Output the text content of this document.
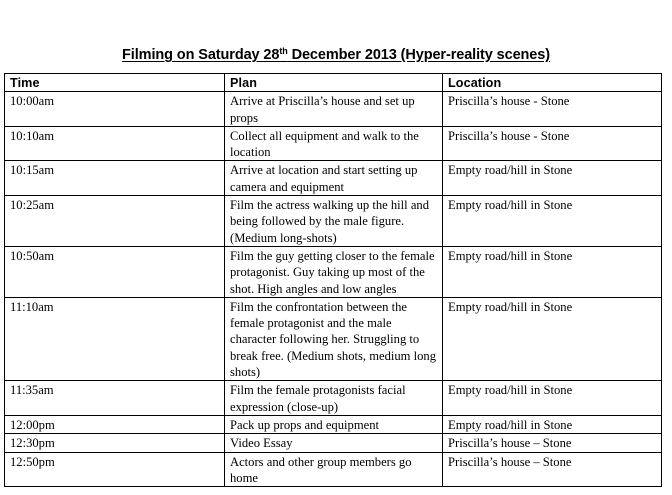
Filming on Saturday 28th December 2013 (Hyper-reality scenes)
Time	Plan	Location
10:00am	Arrive at Priscilla’s house and set up props	Priscilla’s house - Stone
10:10am	Collect all equipment and walk to the location	Priscilla’s house - Stone
10:15am	Arrive at location and start setting up camera and equipment	Empty road/hill in Stone
10:25am	Film the actress walking up the hill and being followed by the male figure. (Medium long-shots)	Empty road/hill in Stone
10:50am	Film the guy getting closer to the female protagonist. Guy taking up most of the shot. High angles and low angles	Empty road/hill in Stone
11:10am	Film the confrontation between the female protagonist and the male character following her. Struggling to break free. (Medium shots, medium long shots)	Empty road/hill in Stone
11:35am	Film the female protagonists facial expression (close-up)	Empty road/hill in Stone
12:00pm	Pack up props and equipment	Empty road/hill in Stone
12:30pm	Video Essay	Priscilla’s house – Stone
12:50pm	Actors and other group members go home	Priscilla’s house – Stone
